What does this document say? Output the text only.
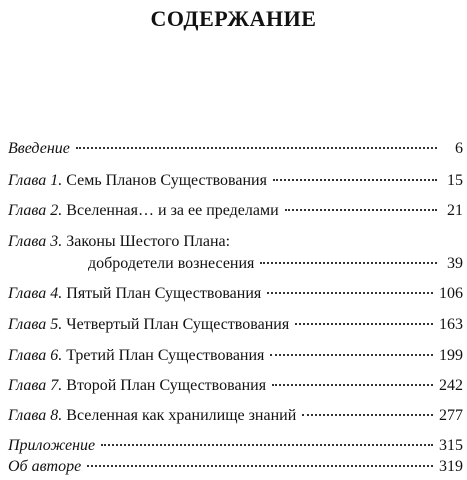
СОДЕРЖАНИЕ
Введение	6
Глава 1. Семь Планов Существования	15
Глава 2. Вселенная… и за ее пределами	21
Глава 3. Законы Шестого Плана:
добродетели вознесения	39
Глава 4. Пятый План Существования	106
Глава 5. Четвертый План Существования	163
Глава 6. Третий План Существования	199
Глава 7. Второй План Существования	242
Глава 8. Вселенная как хранилище знаний	277
Приложение	315
Об авторе	319
